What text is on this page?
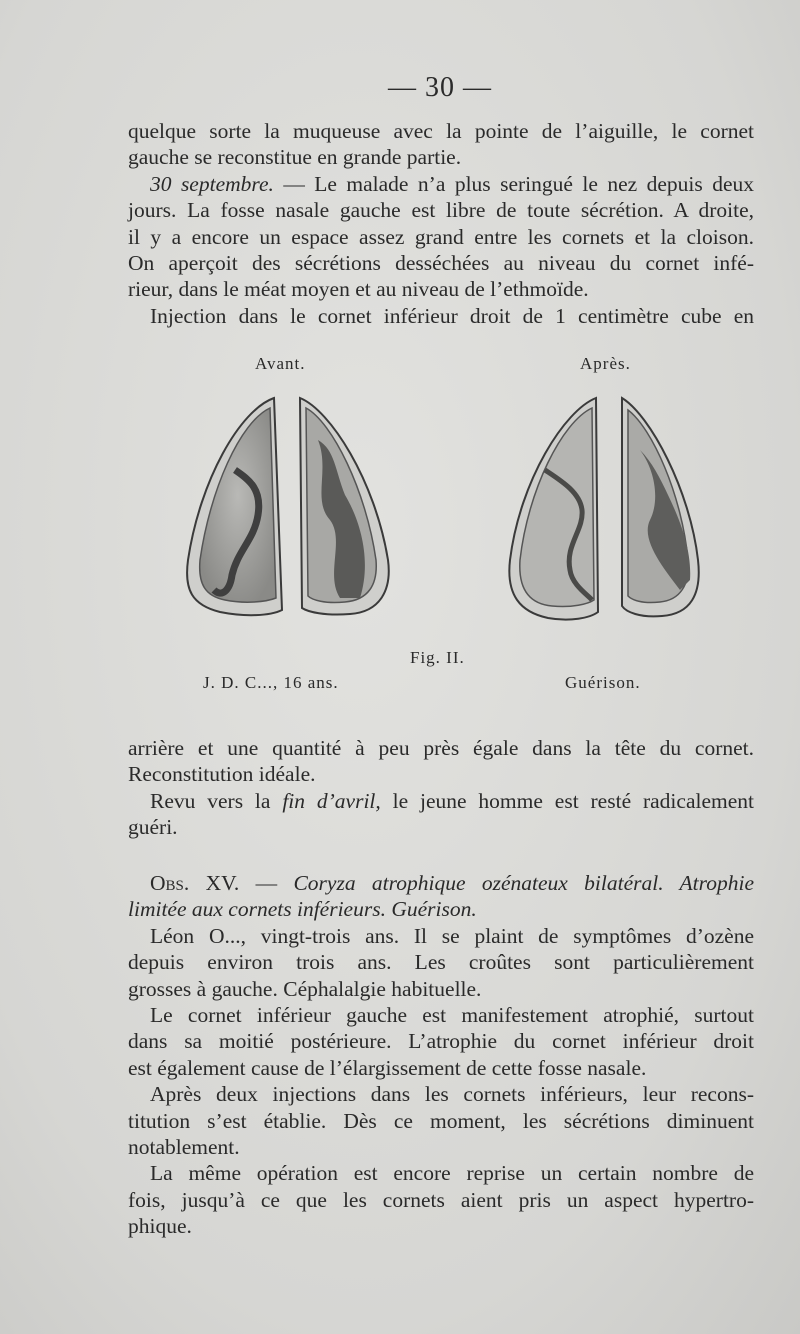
— 30 —
quelque sorte la muqueuse avec la pointe de l’aiguille, le cornet
gauche se reconstitue en grande partie.
30 septembre. — Le malade n’a plus seringué le nez depuis deux
jours. La fosse nasale gauche est libre de toute sécrétion. A droite,
il y a encore un espace assez grand entre les cornets et la cloison.
On aperçoit des sécrétions desséchées au niveau du cornet infé-
rieur, dans le méat moyen et au niveau de l’ethmoïde.
Injection dans le cornet inférieur droit de 1 centimètre cube en
Avant.	Après.
Fig. II.
J. D. C..., 16 ans.	Guérison.
arrière et une quantité à peu près égale dans la tête du cornet.
Reconstitution idéale.
Revu vers la fin d’avril, le jeune homme est resté radicalement
guéri.
Obs. XV. — Coryza atrophique ozénateux bilatéral. Atrophie
limitée aux cornets inférieurs. Guérison.
Léon O..., vingt-trois ans. Il se plaint de symptômes d’ozène
depuis environ trois ans. Les croûtes sont particulièrement
grosses à gauche. Céphalalgie habituelle.
Le cornet inférieur gauche est manifestement atrophié, surtout
dans sa moitié postérieure. L’atrophie du cornet inférieur droit
est également cause de l’élargissement de cette fosse nasale.
Après deux injections dans les cornets inférieurs, leur recons-
titution s’est établie. Dès ce moment, les sécrétions diminuent
notablement.
La même opération est encore reprise un certain nombre de
fois, jusqu’à ce que les cornets aient pris un aspect hypertro-
phique.
